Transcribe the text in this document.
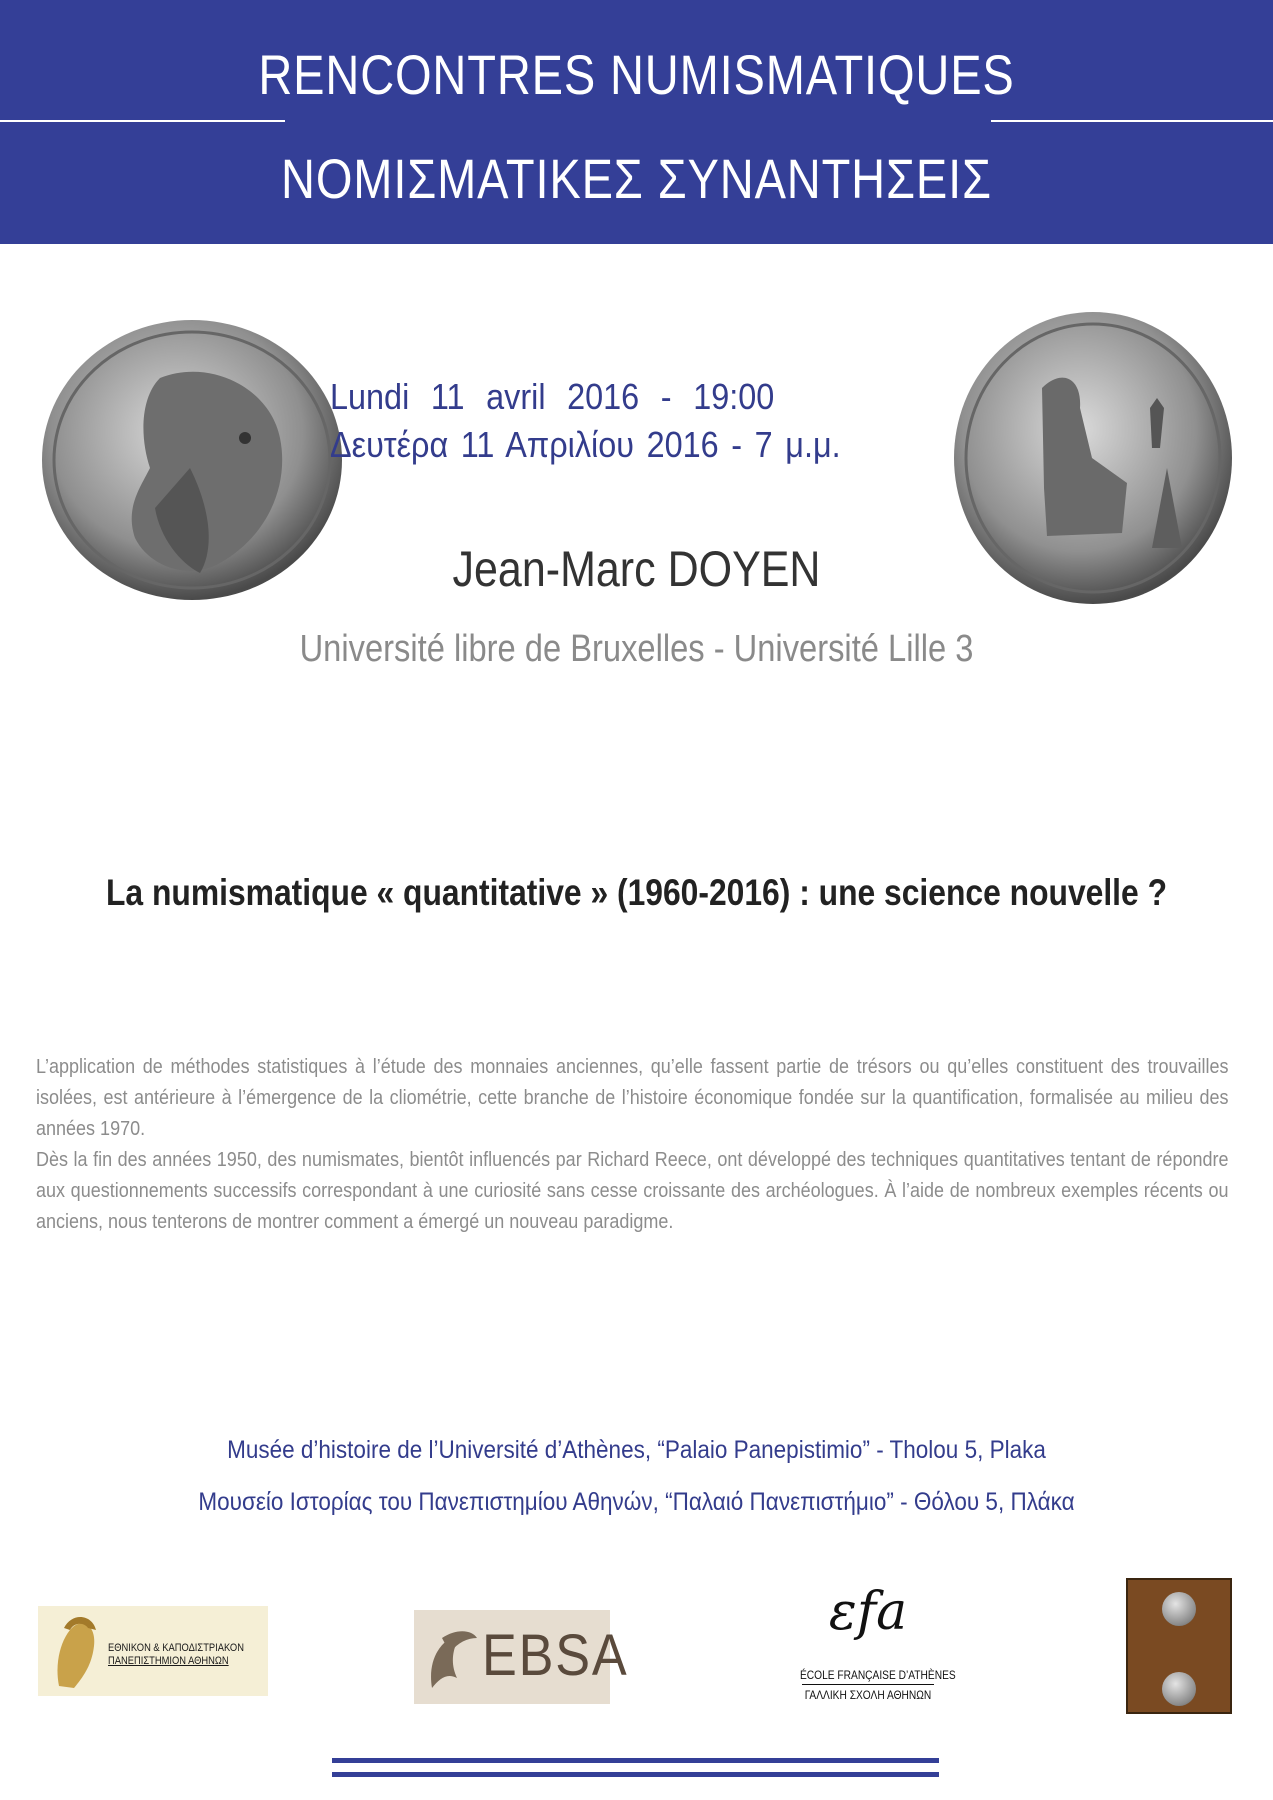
RENCONTRES NUMISMATIQUES
ΝΟΜΙΣΜΑΤΙΚΕΣ ΣΥΝΑΝΤΗΣΕΙΣ
Lundi 11 avril 2016 - 19:00
Δευτέρα 11 Απριλίου 2016 - 7 μ.μ.
Jean-Marc DOYEN
Université libre de Bruxelles - Université Lille 3
La numismatique « quantitative » (1960-2016) : une science nouvelle ?

L’application de méthodes statistiques à l’étude des monnaies anciennes, qu’elle fassent partie de trésors ou qu’elles constituent des trouvailles isolées, est antérieure à l’émergence de la cliométrie, cette branche de l’histoire économique fondée sur la quantification, formalisée au milieu des années 1970.

Dès la fin des années 1950, des numismates, bientôt influencés par Richard Reece, ont développé des techniques quantitatives tentant de répondre aux questionnements successifs correspondant à une curiosité sans cesse croissante des archéologues. À l’aide de nombreux exemples récents ou anciens, nous tenterons de montrer comment a émergé un nouveau paradigme.

Musée d’histoire de l’Université d’Athènes, “Palaio Panepistimio” - Tholou 5, Plaka
Μουσείο Ιστορίας του Πανεπιστημίου Αθηνών, “Παλαιό Πανεπιστήμιο” - Θόλου 5, Πλάκα
ΕΘΝΙΚΟΝ & ΚΑΠΟΔΙΣΤΡΙΑΚΟΝ
ΠΑΝΕΠΙΣΤΗΜΙΟΝ ΑΘΗΝΩΝ	EBSA
εfa
ÉCOLE FRANÇAISE D’ATHÈNES
ΓΑΛΛΙΚΗ ΣΧΟΛΗ ΑΘΗΝΩΝ
